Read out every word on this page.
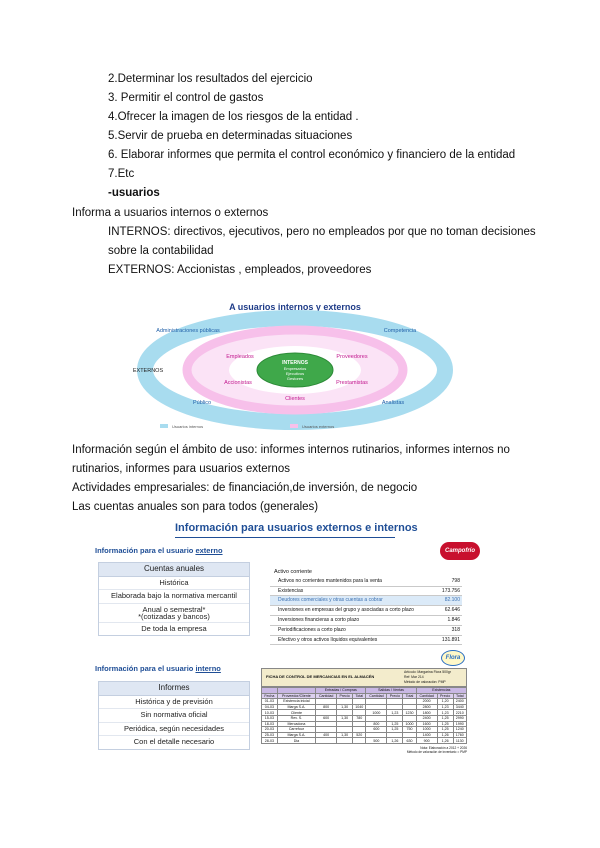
2.Determinar los resultados del ejercicio
3. Permitir el control de gastos
4.Ofrecer la imagen de los riesgos de la entidad .
5.Servir de prueba en determinadas situaciones
6. Elaborar informes que permita el control económico y financiero de la entidad
7.Etc
-usuarios
Informa a usuarios internos o externos
INTERNOS: directivos, ejecutivos, pero no empleados por que no toman decisiones
sobre la contabilidad
EXTERNOS: Accionistas , empleados, proveedores
A usuarios internos y externos
INTERNOS
Empresarios
Ejecutivos
Gestores
Administraciones públicas	Competencia
EXTERNOS
Público	Analistas
Empleados	Proveedores
Accionistas	Prestamistas
Clientes
Usuarios internos	Usuarios externos
Información según el ámbito de uso: informes internos rutinarios, informes internos no
rutinarios, informes para usuarios externos
Actividades empresariales: de financiación,de inversión, de negocio
Las cuentas anuales son para todos (generales)
Información para usuarios externos e internos
Información para el usuario externo
Cuentas anuales
Histórica
Elaborada bajo la normativa mercantil
Anual o semestral*
*(cotizadas y bancos)
De toda la empresa
Campofrío
Activo corriente
Activos no corrientes mantenidos para la venta	798
Existencias	173.756
Deudores comerciales y otras cuentas a cobrar	82.100
Inversiones en empresas del grupo y asociadas a corto plazo	62.646
Inversiones financieras a corto plazo	1.846
Periodificaciones a corto plazo	318
Efectivo y otros activos líquidos equivalentes	131.891
Información para el usuario interno
Informes
Histórica y de previsión
Sin normativa oficial
Periódica, según necesidades
Con el detalle necesario
Flora
FICHA DE CONTROL DE MERCANCIAS EN EL ALMACÉN
Artículo: Margarina Flora 500gr
Ref: Mar 214
Método de valoración: PMP
		Entradas / Compras			Salidas / Ventas			Existencias		
Fecha	Proveedor/Cliente	Cantidad	Precio	Total	Cantidad	Precio	Total	Cantidad	Precio	Total
01-03	Existencia inicial							2000	1,20	2400
04-03	Marga S.A.	800	1,30	1040				2800	1,23	3440
10-03	Cliente				1000	1,23	1230	1800	1,23	2210
15-03	Rev. S.	600	1,30	780				2400	1,25	2990
18-03	Mercadona				800	1,25	1000	1600	1,25	1990
20-03	Carrefour				600	1,25	750	1000	1,25	1240
25-03	Marga S.A.	400	1,30	520				1400	1,26	1760
28-03	Dia				500	1,26	630	900	1,26	1130
Nota: Elaboración a 2012 + 2026
Método de valoración de inventario = PMP
